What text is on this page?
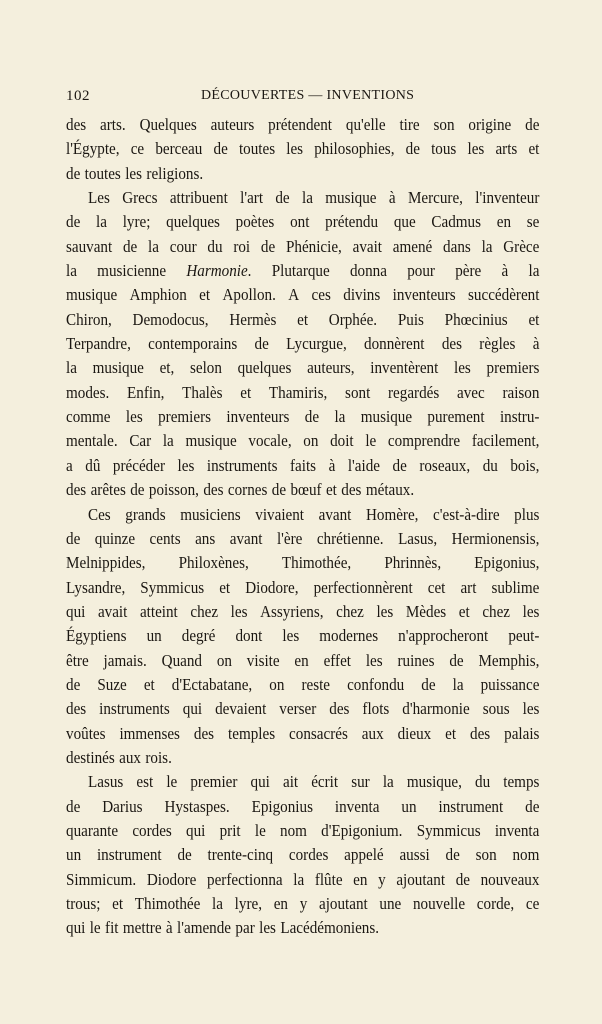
102	DÉCOUVERTES — INVENTIONS
des arts. Quelques auteurs prétendent qu'elle tire son origine de
l'Égypte, ce berceau de toutes les philosophies, de tous les arts et
de toutes les religions.
Les Grecs attribuent l'art de la musique à Mercure, l'inventeur
de la lyre; quelques poètes ont prétendu que Cadmus en se
sauvant de la cour du roi de Phénicie, avait amené dans la Grèce
la musicienne Harmonie. Plutarque donna pour père à la
musique Amphion et Apollon. A ces divins inventeurs succédèrent
Chiron, Demodocus, Hermès et Orphée. Puis Phœcinius et
Terpandre, contemporains de Lycurgue, donnèrent des règles à
la musique et, selon quelques auteurs, inventèrent les premiers
modes. Enfin, Thalès et Thamiris, sont regardés avec raison
comme les premiers inventeurs de la musique purement instru-
mentale. Car la musique vocale, on doit le comprendre facilement,
a dû précéder les instruments faits à l'aide de roseaux, du bois,
des arêtes de poisson, des cornes de bœuf et des métaux.
Ces grands musiciens vivaient avant Homère, c'est-à-dire plus
de quinze cents ans avant l'ère chrétienne. Lasus, Hermionensis,
Melnippides, Philoxènes, Thimothée, Phrinnès, Epigonius,
Lysandre, Symmicus et Diodore, perfectionnèrent cet art sublime
qui avait atteint chez les Assyriens, chez les Mèdes et chez les
Égyptiens un degré dont les modernes n'approcheront peut-
être jamais. Quand on visite en effet les ruines de Memphis,
de Suze et d'Ectabatane, on reste confondu de la puissance
des instruments qui devaient verser des flots d'harmonie sous les
voûtes immenses des temples consacrés aux dieux et des palais
destinés aux rois.
Lasus est le premier qui ait écrit sur la musique, du temps
de Darius Hystaspes. Epigonius inventa un instrument de
quarante cordes qui prit le nom d'Epigonium. Symmicus inventa
un instrument de trente-cinq cordes appelé aussi de son nom
Simmicum. Diodore perfectionna la flûte en y ajoutant de nouveaux
trous; et Thimothée la lyre, en y ajoutant une nouvelle corde, ce
qui le fit mettre à l'amende par les Lacédémoniens.
